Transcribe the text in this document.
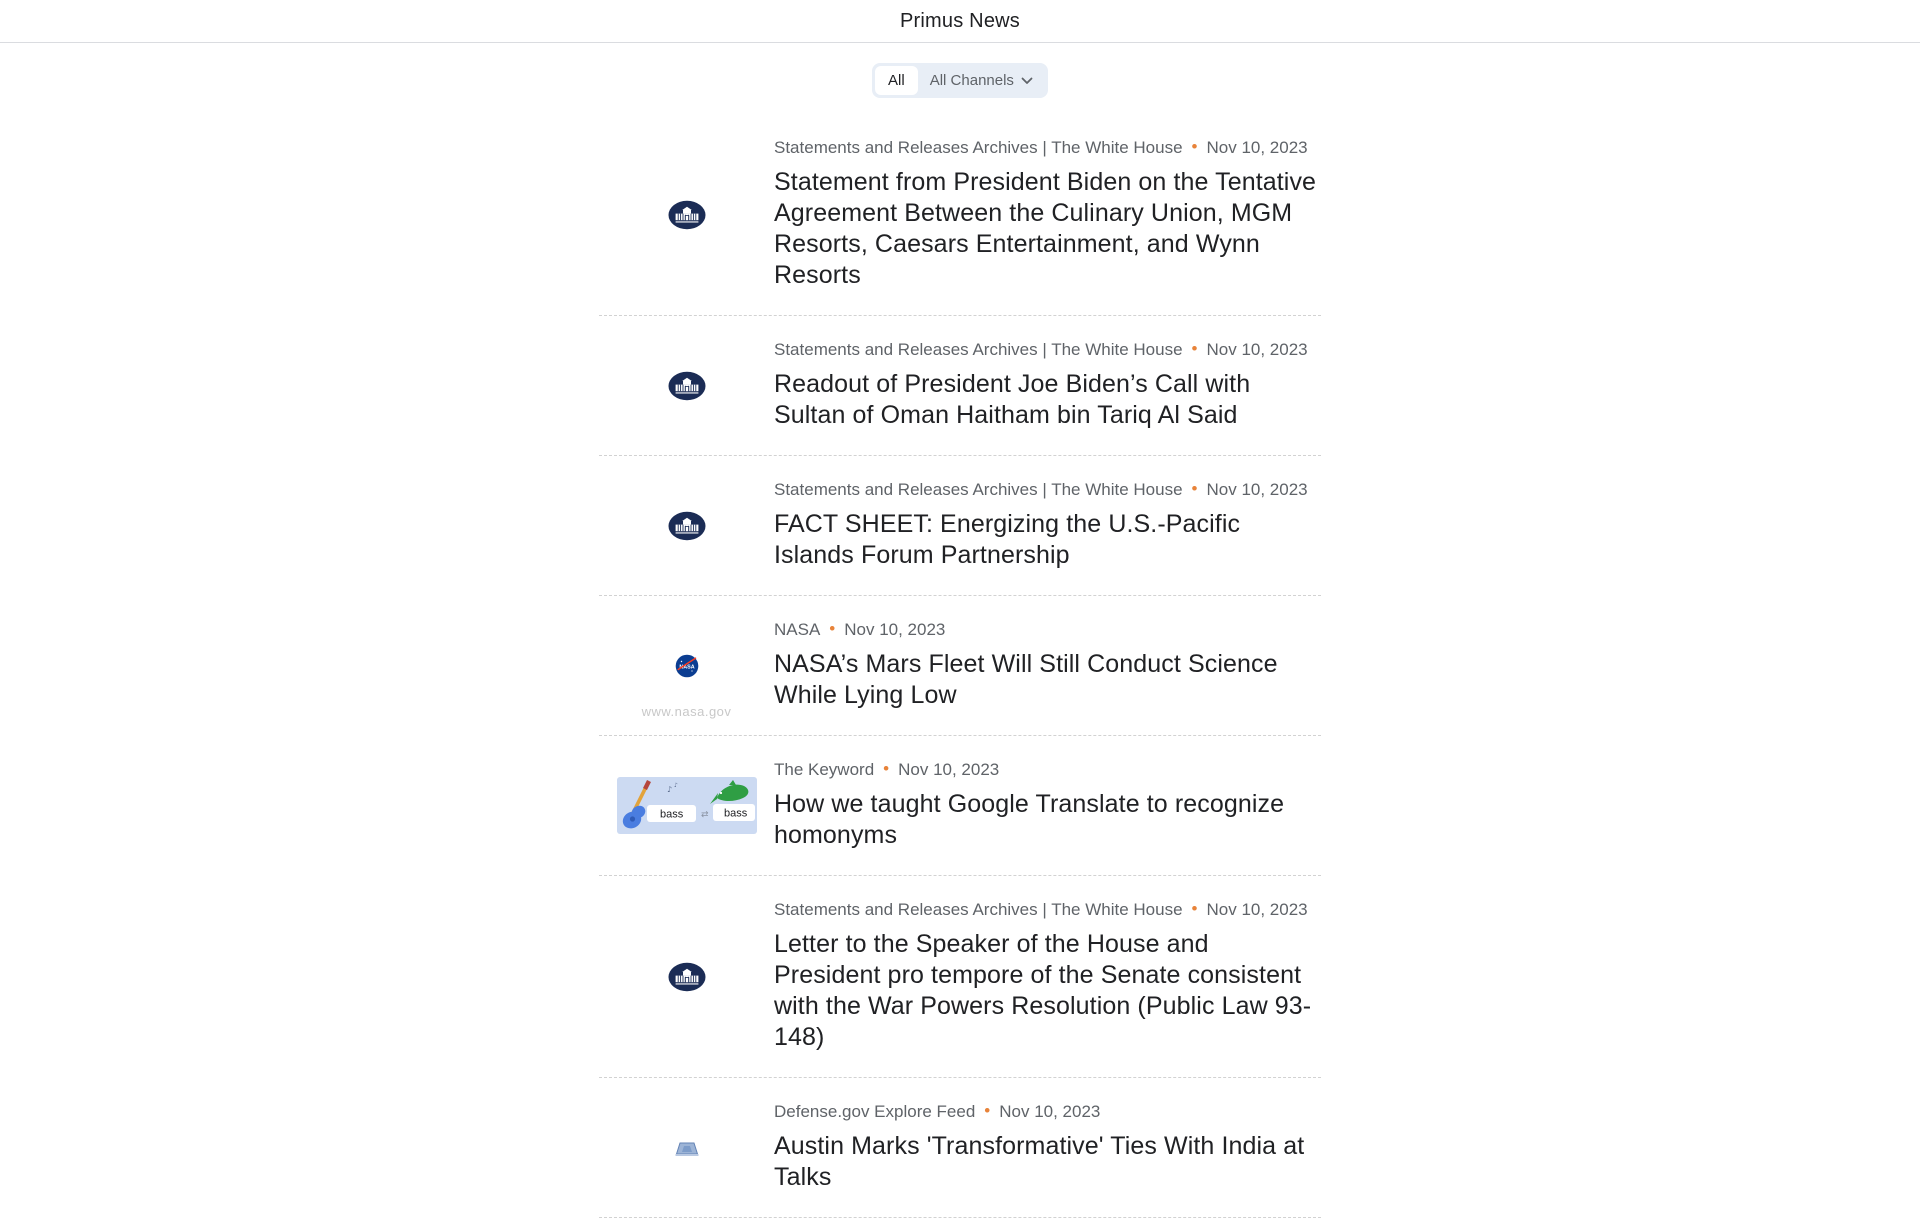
Primus News
All	All Channels
Statements and Releases Archives | The White House • Nov 10, 2023
Statement from President Biden on the Tentative Agreement Between the Culinary Union, MGM Resorts, Caesars Entertainment, and Wynn Resorts
Statements and Releases Archives | The White House • Nov 10, 2023
Readout of President Joe Biden’s Call with Sultan of Oman Haitham bin Tariq Al Said
Statements and Releases Archives | The White House • Nov 10, 2023
FACT SHEET: Energizing the U.S.-Pacific Islands Forum Partnership
NASA
www.nasa.gov
NASA • Nov 10, 2023
NASA’s Mars Fleet Will Still Conduct Science While Lying Low
♪ ♪
bass ⇄ bass
The Keyword • Nov 10, 2023
How we taught Google Translate to recognize homonyms
Statements and Releases Archives | The White House • Nov 10, 2023
Letter to the Speaker of the House and President pro tempore of the Senate consistent with the War Powers Resolution (Public Law 93-148)
Defense.gov Explore Feed • Nov 10, 2023
Austin Marks 'Transformative' Ties With India at Talks
